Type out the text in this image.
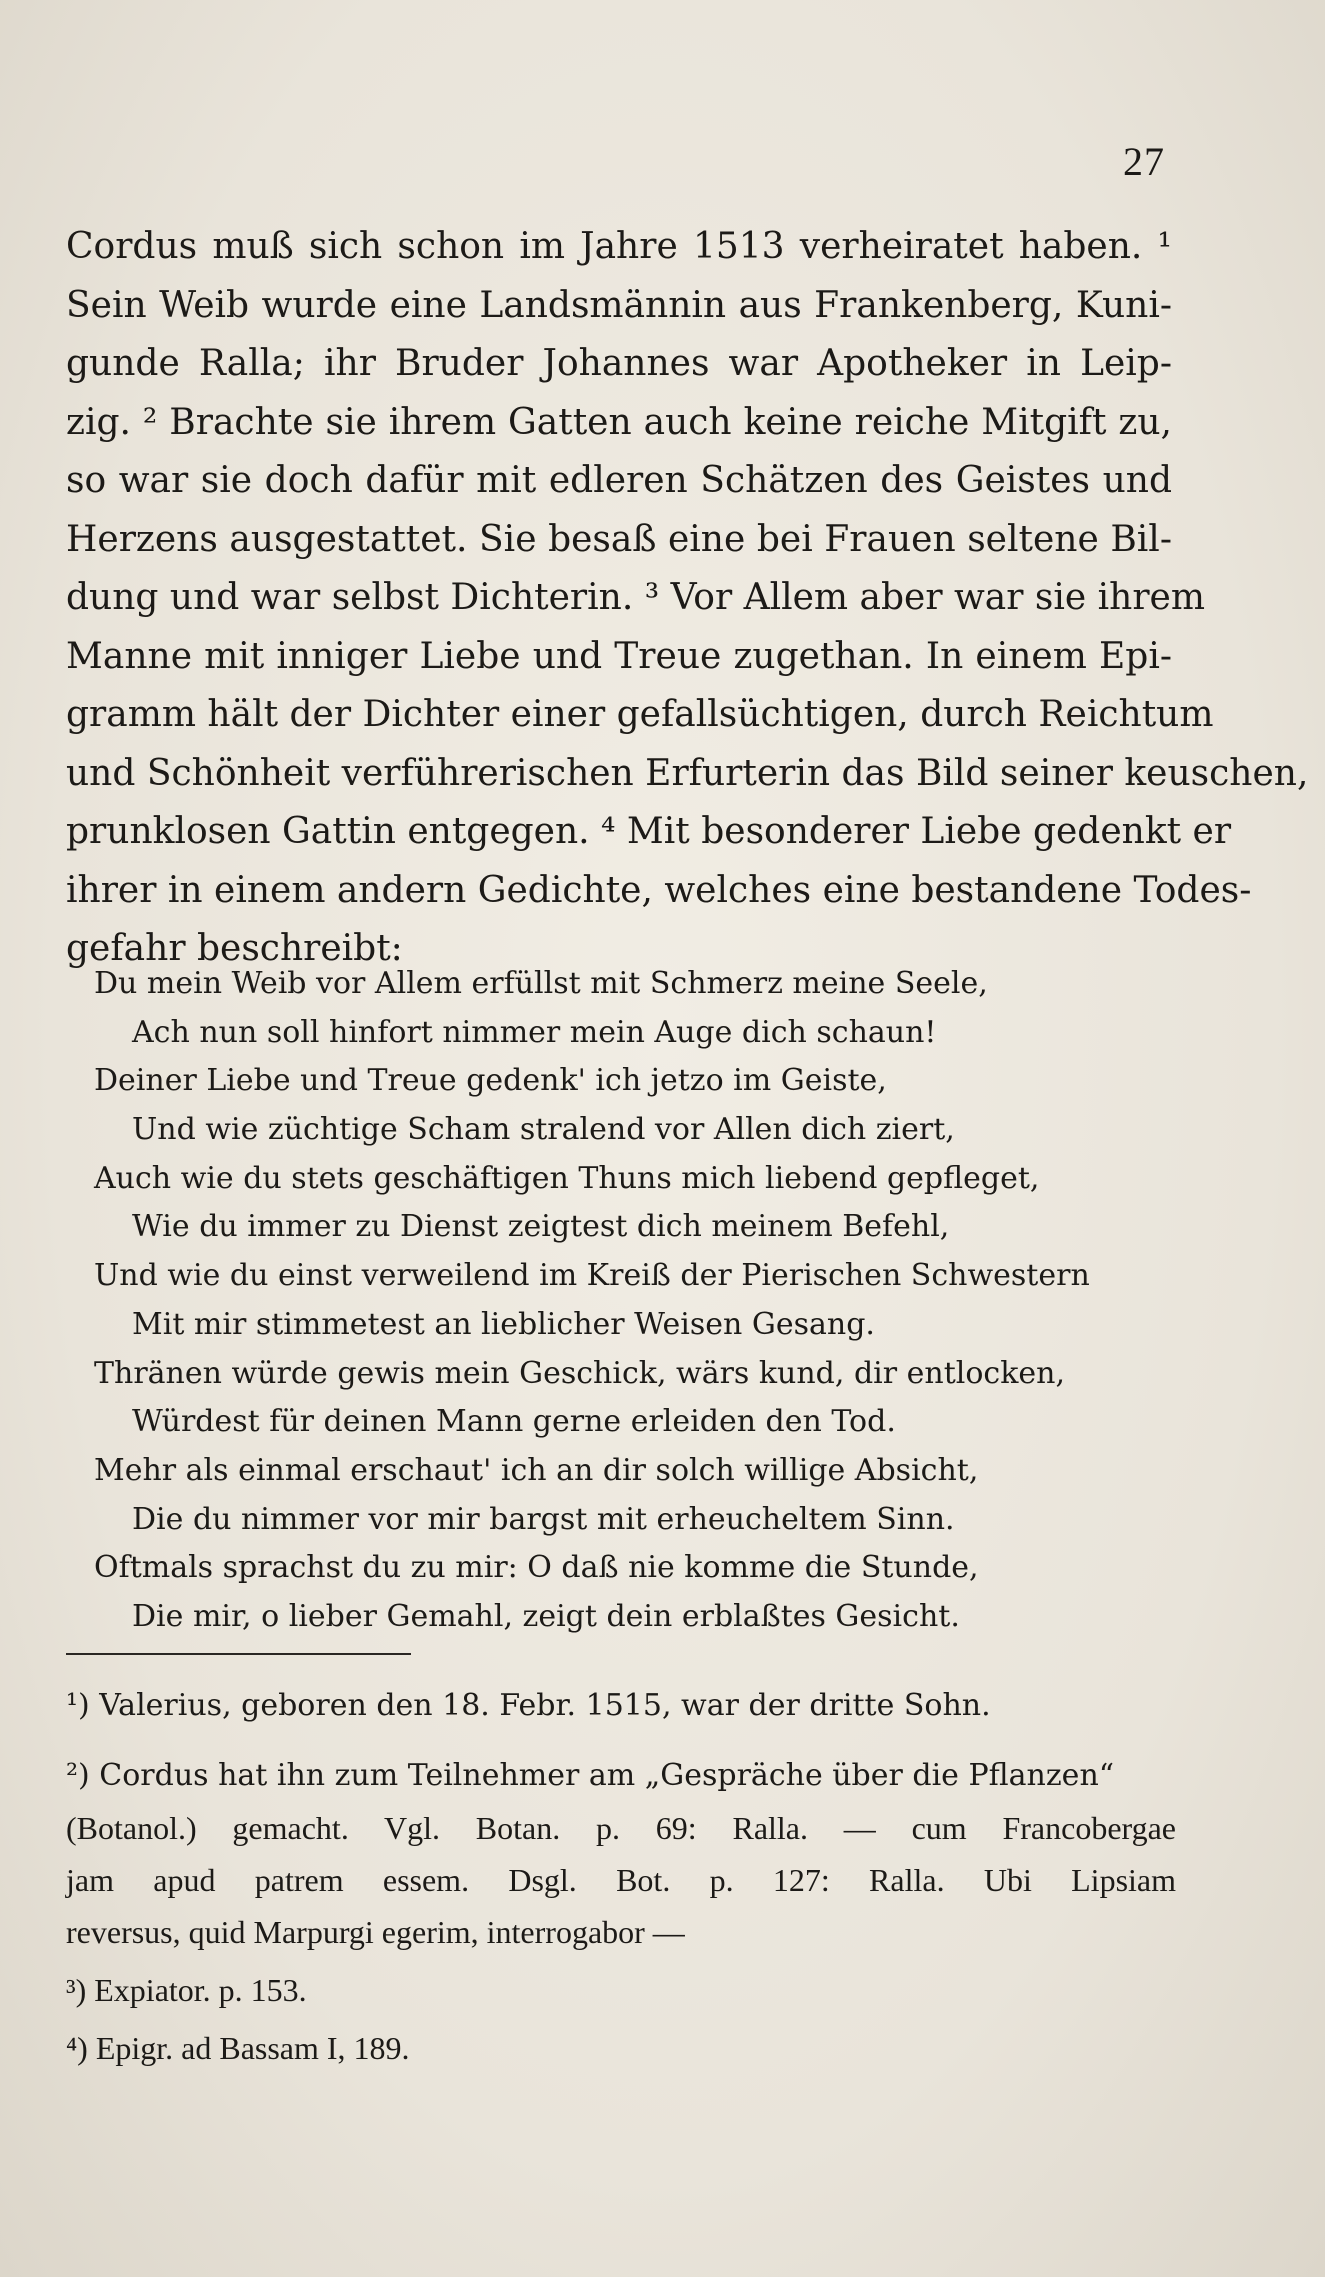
27
Cordus muß sich schon im Jahre 1513 verheiratet haben. ¹
Sein Weib wurde eine Landsmännin aus Frankenberg, Kuni-
gunde Ralla; ihr Bruder Johannes war Apotheker in Leip-
zig. ² Brachte sie ihrem Gatten auch keine reiche Mitgift zu,
so war sie doch dafür mit edleren Schätzen des Geistes und
Herzens ausgestattet. Sie besaß eine bei Frauen seltene Bil-
dung und war selbst Dichterin. ³ Vor Allem aber war sie ihrem
Manne mit inniger Liebe und Treue zugethan. In einem Epi-
gramm hält der Dichter einer gefallsüchtigen, durch Reichtum
und Schönheit verführerischen Erfurterin das Bild seiner keuschen,
prunklosen Gattin entgegen. ⁴ Mit besonderer Liebe gedenkt er
ihrer in einem andern Gedichte, welches eine bestandene Todes-
gefahr beschreibt:
Du mein Weib vor Allem erfüllst mit Schmerz meine Seele,
Ach nun soll hinfort nimmer mein Auge dich schaun!
Deiner Liebe und Treue gedenk' ich jetzo im Geiste,
Und wie züchtige Scham stralend vor Allen dich ziert,
Auch wie du stets geschäftigen Thuns mich liebend gepfleget,
Wie du immer zu Dienst zeigtest dich meinem Befehl,
Und wie du einst verweilend im Kreiß der Pierischen Schwestern
Mit mir stimmetest an lieblicher Weisen Gesang.
Thränen würde gewis mein Geschick, wärs kund, dir entlocken,
Würdest für deinen Mann gerne erleiden den Tod.
Mehr als einmal erschaut' ich an dir solch willige Absicht,
Die du nimmer vor mir bargst mit erheucheltem Sinn.
Oftmals sprachst du zu mir: O daß nie komme die Stunde,
Die mir, o lieber Gemahl, zeigt dein erblaßtes Gesicht.
¹) Valerius, geboren den 18. Febr. 1515, war der dritte Sohn.
²) Cordus hat ihn zum Teilnehmer am „Gespräche über die Pflanzen“
(Botanol.) gemacht. Vgl. Botan. p. 69: Ralla. — cum Francobergae
jam apud patrem essem. Dsgl. Bot. p. 127: Ralla. Ubi Lipsiam
reversus, quid Marpurgi egerim, interrogabor —
³) Expiator. p. 153.
⁴) Epigr. ad Bassam I, 189.
